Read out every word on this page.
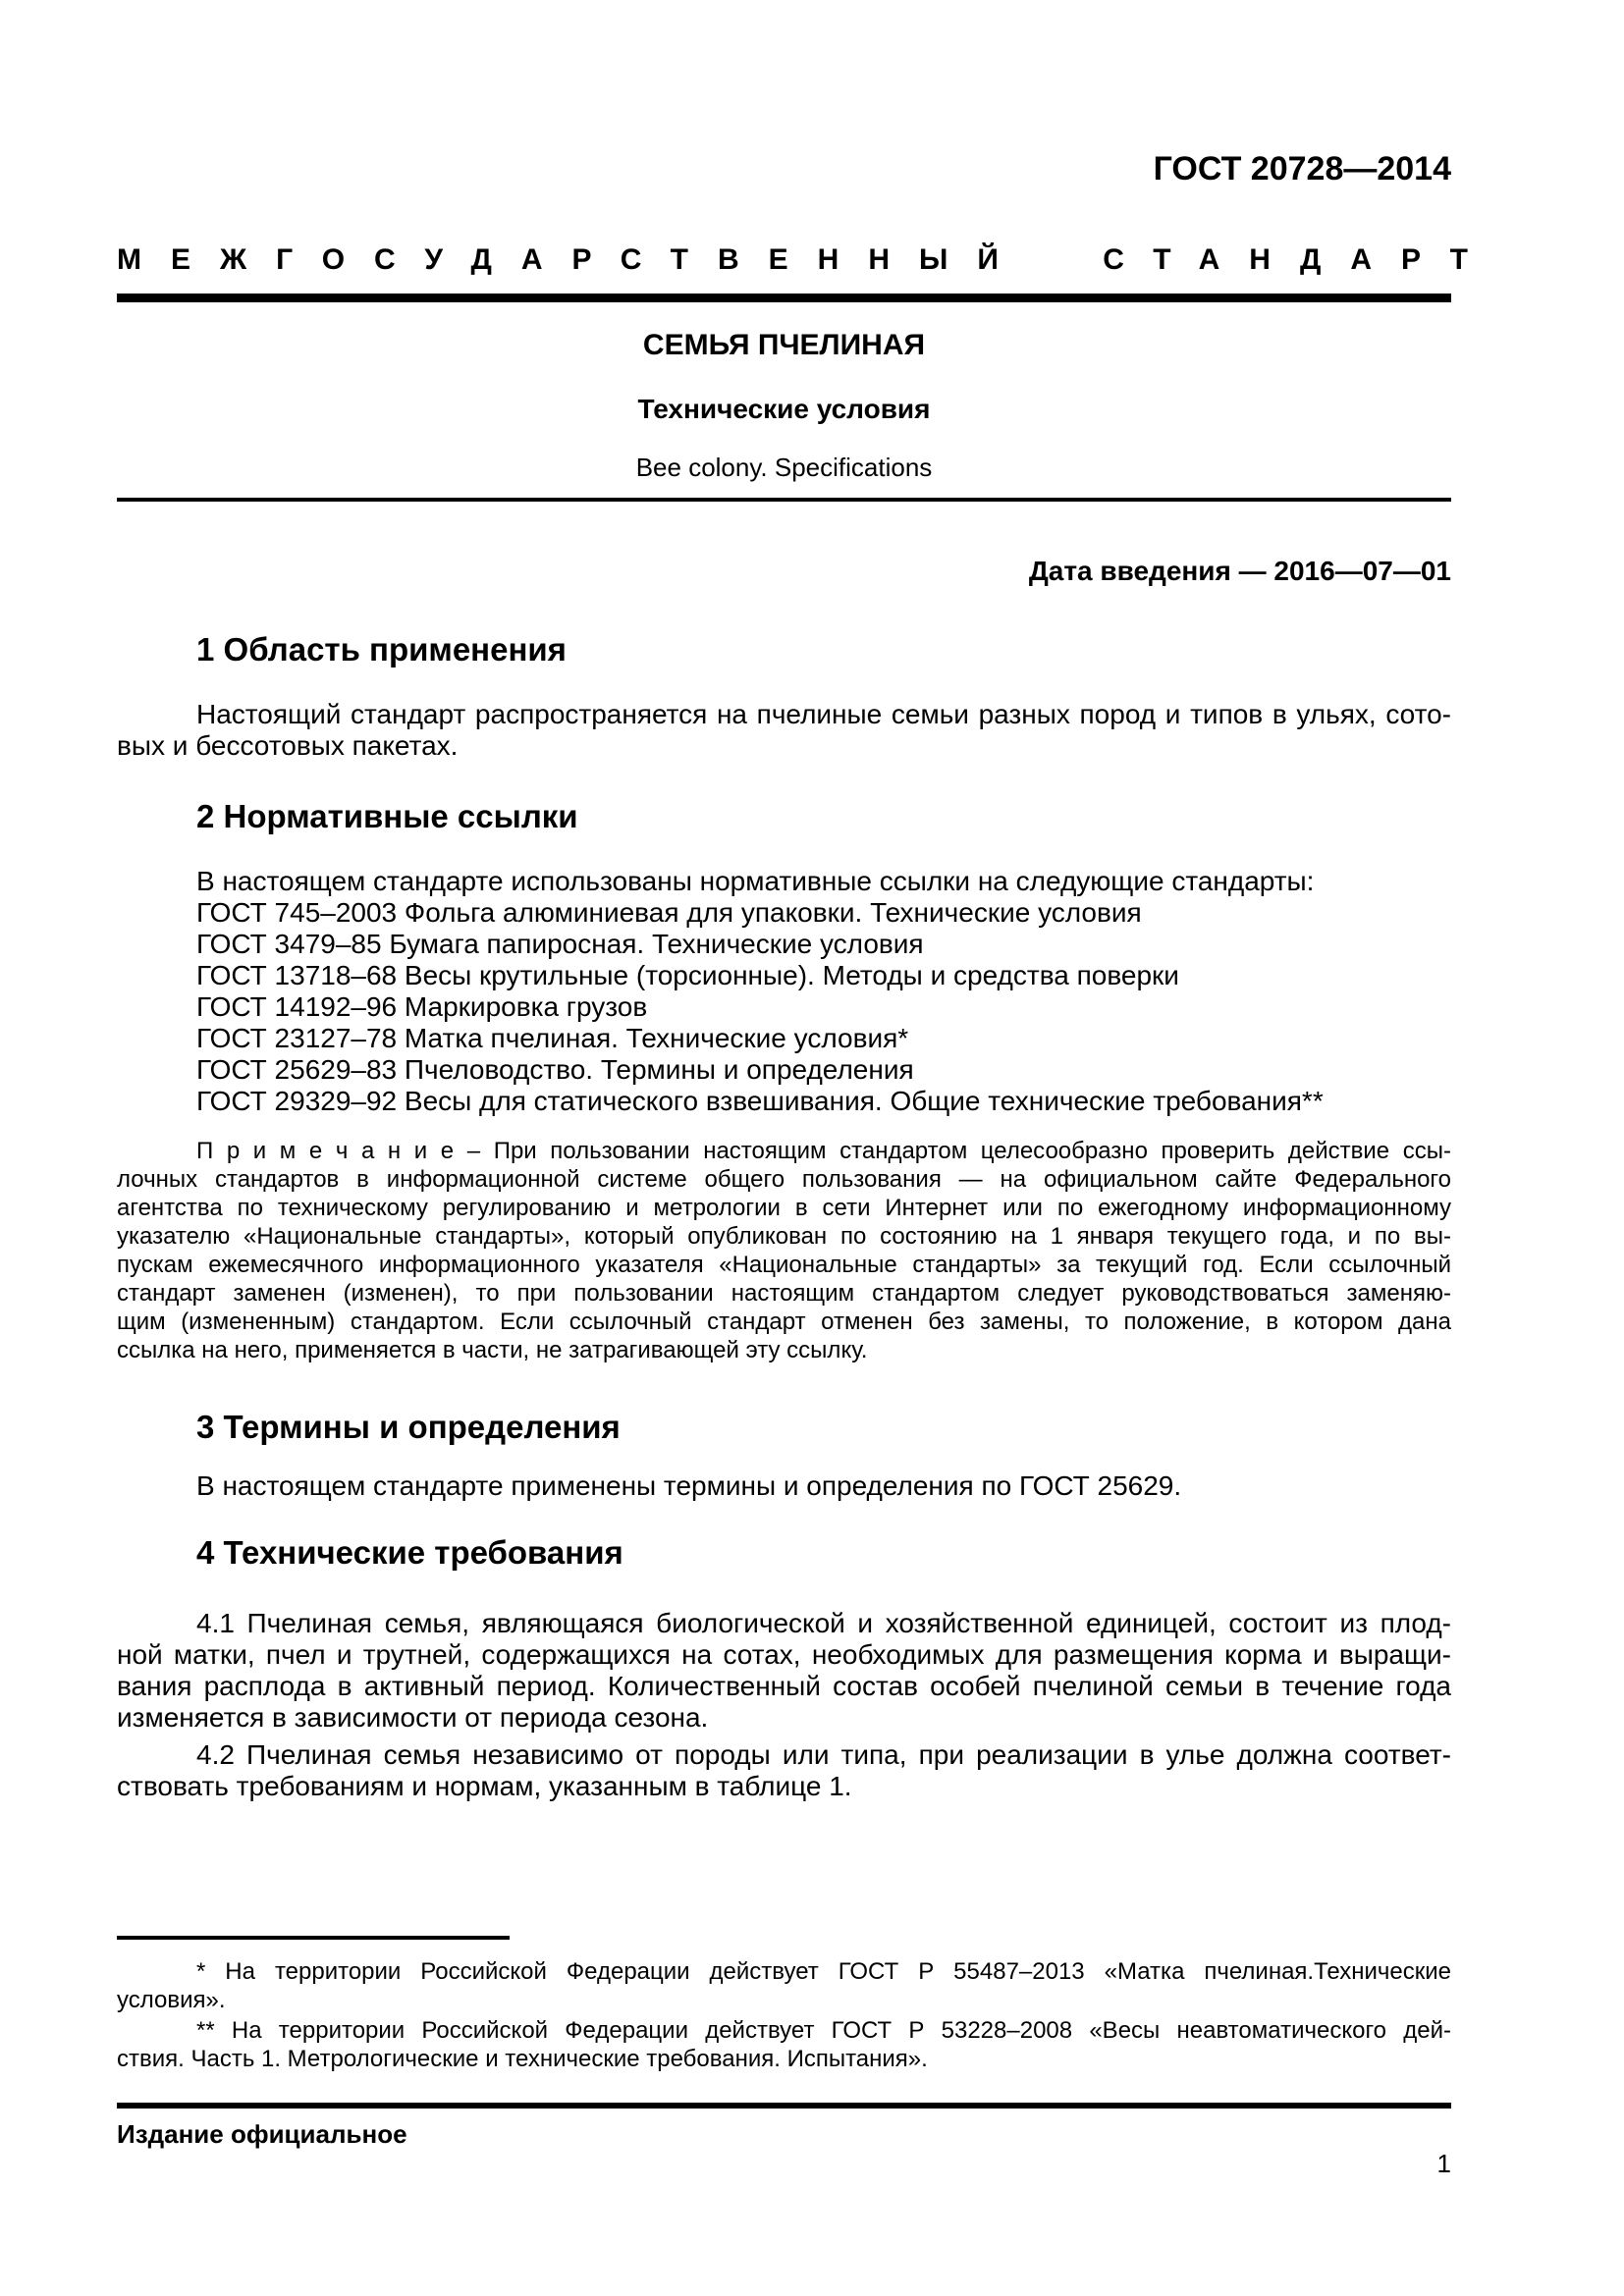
ГОСТ 20728—2014
МЕЖГОСУДАРСТВЕННЫЙ СТАНДАРТ
СЕМЬЯ ПЧЕЛИНАЯ
Технические условия
Bee colony. Specifications
Дата введения — 2016—07—01
1 Область применения
Настоящий стандарт распространяется на пчелиные семьи разных пород и типов в ульях, сото-
вых и бессотовых пакетах.
2 Нормативные ссылки
В настоящем стандарте использованы нормативные ссылки на следующие стандарты:
ГОСТ 745–2003 Фольга алюминиевая для упаковки. Технические условия
ГОСТ 3479–85 Бумага папиросная. Технические условия
ГОСТ 13718–68 Весы крутильные (торсионные). Методы и средства поверки
ГОСТ 14192–96 Маркировка грузов
ГОСТ 23127–78 Матка пчелиная. Технические условия*
ГОСТ 25629–83 Пчеловодство. Термины и определения
ГОСТ 29329–92 Весы для статического взвешивания. Общие технические требования**
П р и м е ч а н и е – При пользовании настоящим стандартом целесообразно проверить действие ссы-
лочных стандартов в информационной системе общего пользования — на официальном сайте Федерального
агентства по техническому регулированию и метрологии в сети Интернет или по ежегодному информационному
указателю «Национальные стандарты», который опубликован по состоянию на 1 января текущего года, и по вы-
пускам ежемесячного информационного указателя «Национальные стандарты» за текущий год. Если ссылочный
стандарт заменен (изменен), то при пользовании настоящим стандартом следует руководствоваться заменяю-
щим (измененным) стандартом. Если ссылочный стандарт отменен без замены, то положение, в котором дана
ссылка на него, применяется в части, не затрагивающей эту ссылку.
3 Термины и определения
В настоящем стандарте применены термины и определения по ГОСТ 25629.
4 Технические требования
4.1 Пчелиная семья, являющаяся биологической и хозяйственной единицей, состоит из плод-
ной матки, пчел и трутней, содержащихся на сотах, необходимых для размещения корма и выращи-
вания расплода в активный период. Количественный состав особей пчелиной семьи в течение года
изменяется в зависимости от периода сезона.
4.2 Пчелиная семья независимо от породы или типа, при реализации в улье должна соответ-
ствовать требованиям и нормам, указанным в таблице 1.
* На территории Российской Федерации действует ГОСТ Р 55487–2013 «Матка пчелиная.Технические
условия».
** На территории Российской Федерации действует ГОСТ Р 53228–2008 «Весы неавтоматического дей-
ствия. Часть 1. Метрологические и технические требования. Испытания».
Издание официальное
1
